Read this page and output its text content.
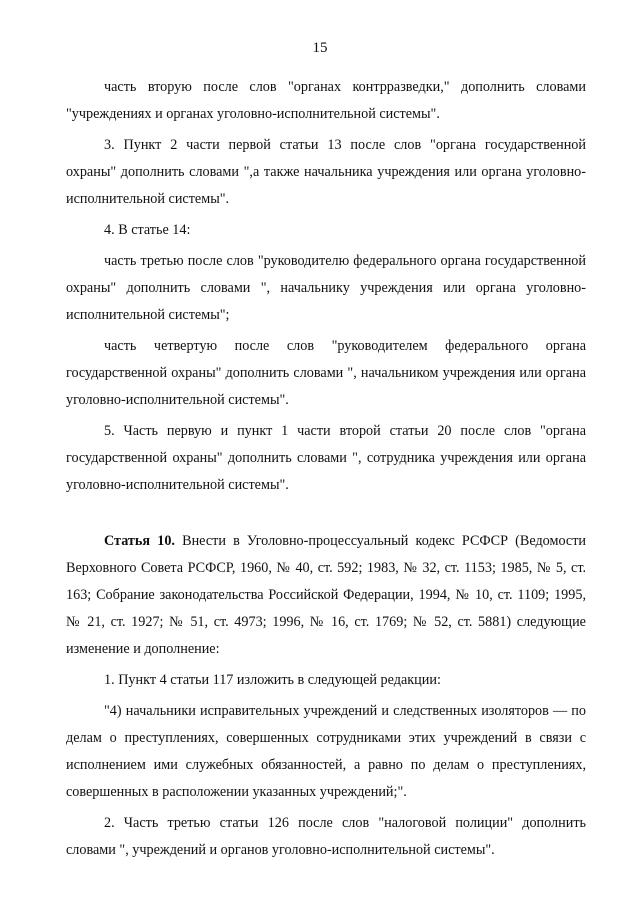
15

часть вторую после слов "органах контрразведки," дополнить словами "учреждениях и органах уголовно-исполнительной системы".

3. Пункт 2 части первой статьи 13 после слов "органа государственной охраны" дополнить словами ",а также начальника учреждения или органа уголовно-исполнительной системы".

4. В статье 14:

часть третью после слов "руководителю федерального органа государственной охраны" дополнить словами ", начальнику учреждения или органа уголовно-исполнительной системы";

часть четвертую после слов "руководителем федерального органа государственной охраны" дополнить словами ", начальником учреждения или органа уголовно-исполнительной системы".

5. Часть первую и пункт 1 части второй статьи 20 после слов "органа государственной охраны" дополнить словами ", сотрудника учреждения или органа уголовно-исполнительной системы".

Статья 10. Внести в Уголовно-процессуальный кодекс РСФСР (Ведомости Верховного Совета РСФСР, 1960, № 40, ст. 592; 1983, № 32, ст. 1153; 1985, № 5, ст. 163; Собрание законодательства Российской Федерации, 1994, № 10, ст. 1109; 1995, № 21, ст. 1927; № 51, ст. 4973; 1996, № 16, ст. 1769; № 52, ст. 5881) следующие изменение и дополнение:

1. Пункт 4 статьи 117 изложить в следующей редакции:

"4) начальники исправительных учреждений и следственных изоляторов — по делам о преступлениях, совершенных сотрудниками этих учреждений в связи с исполнением ими служебных обязанностей, а равно по делам о преступлениях, совершенных в расположении указанных учреждений;".

2. Часть третью статьи 126 после слов "налоговой полиции" дополнить словами ", учреждений и органов уголовно-исполнительной системы".
